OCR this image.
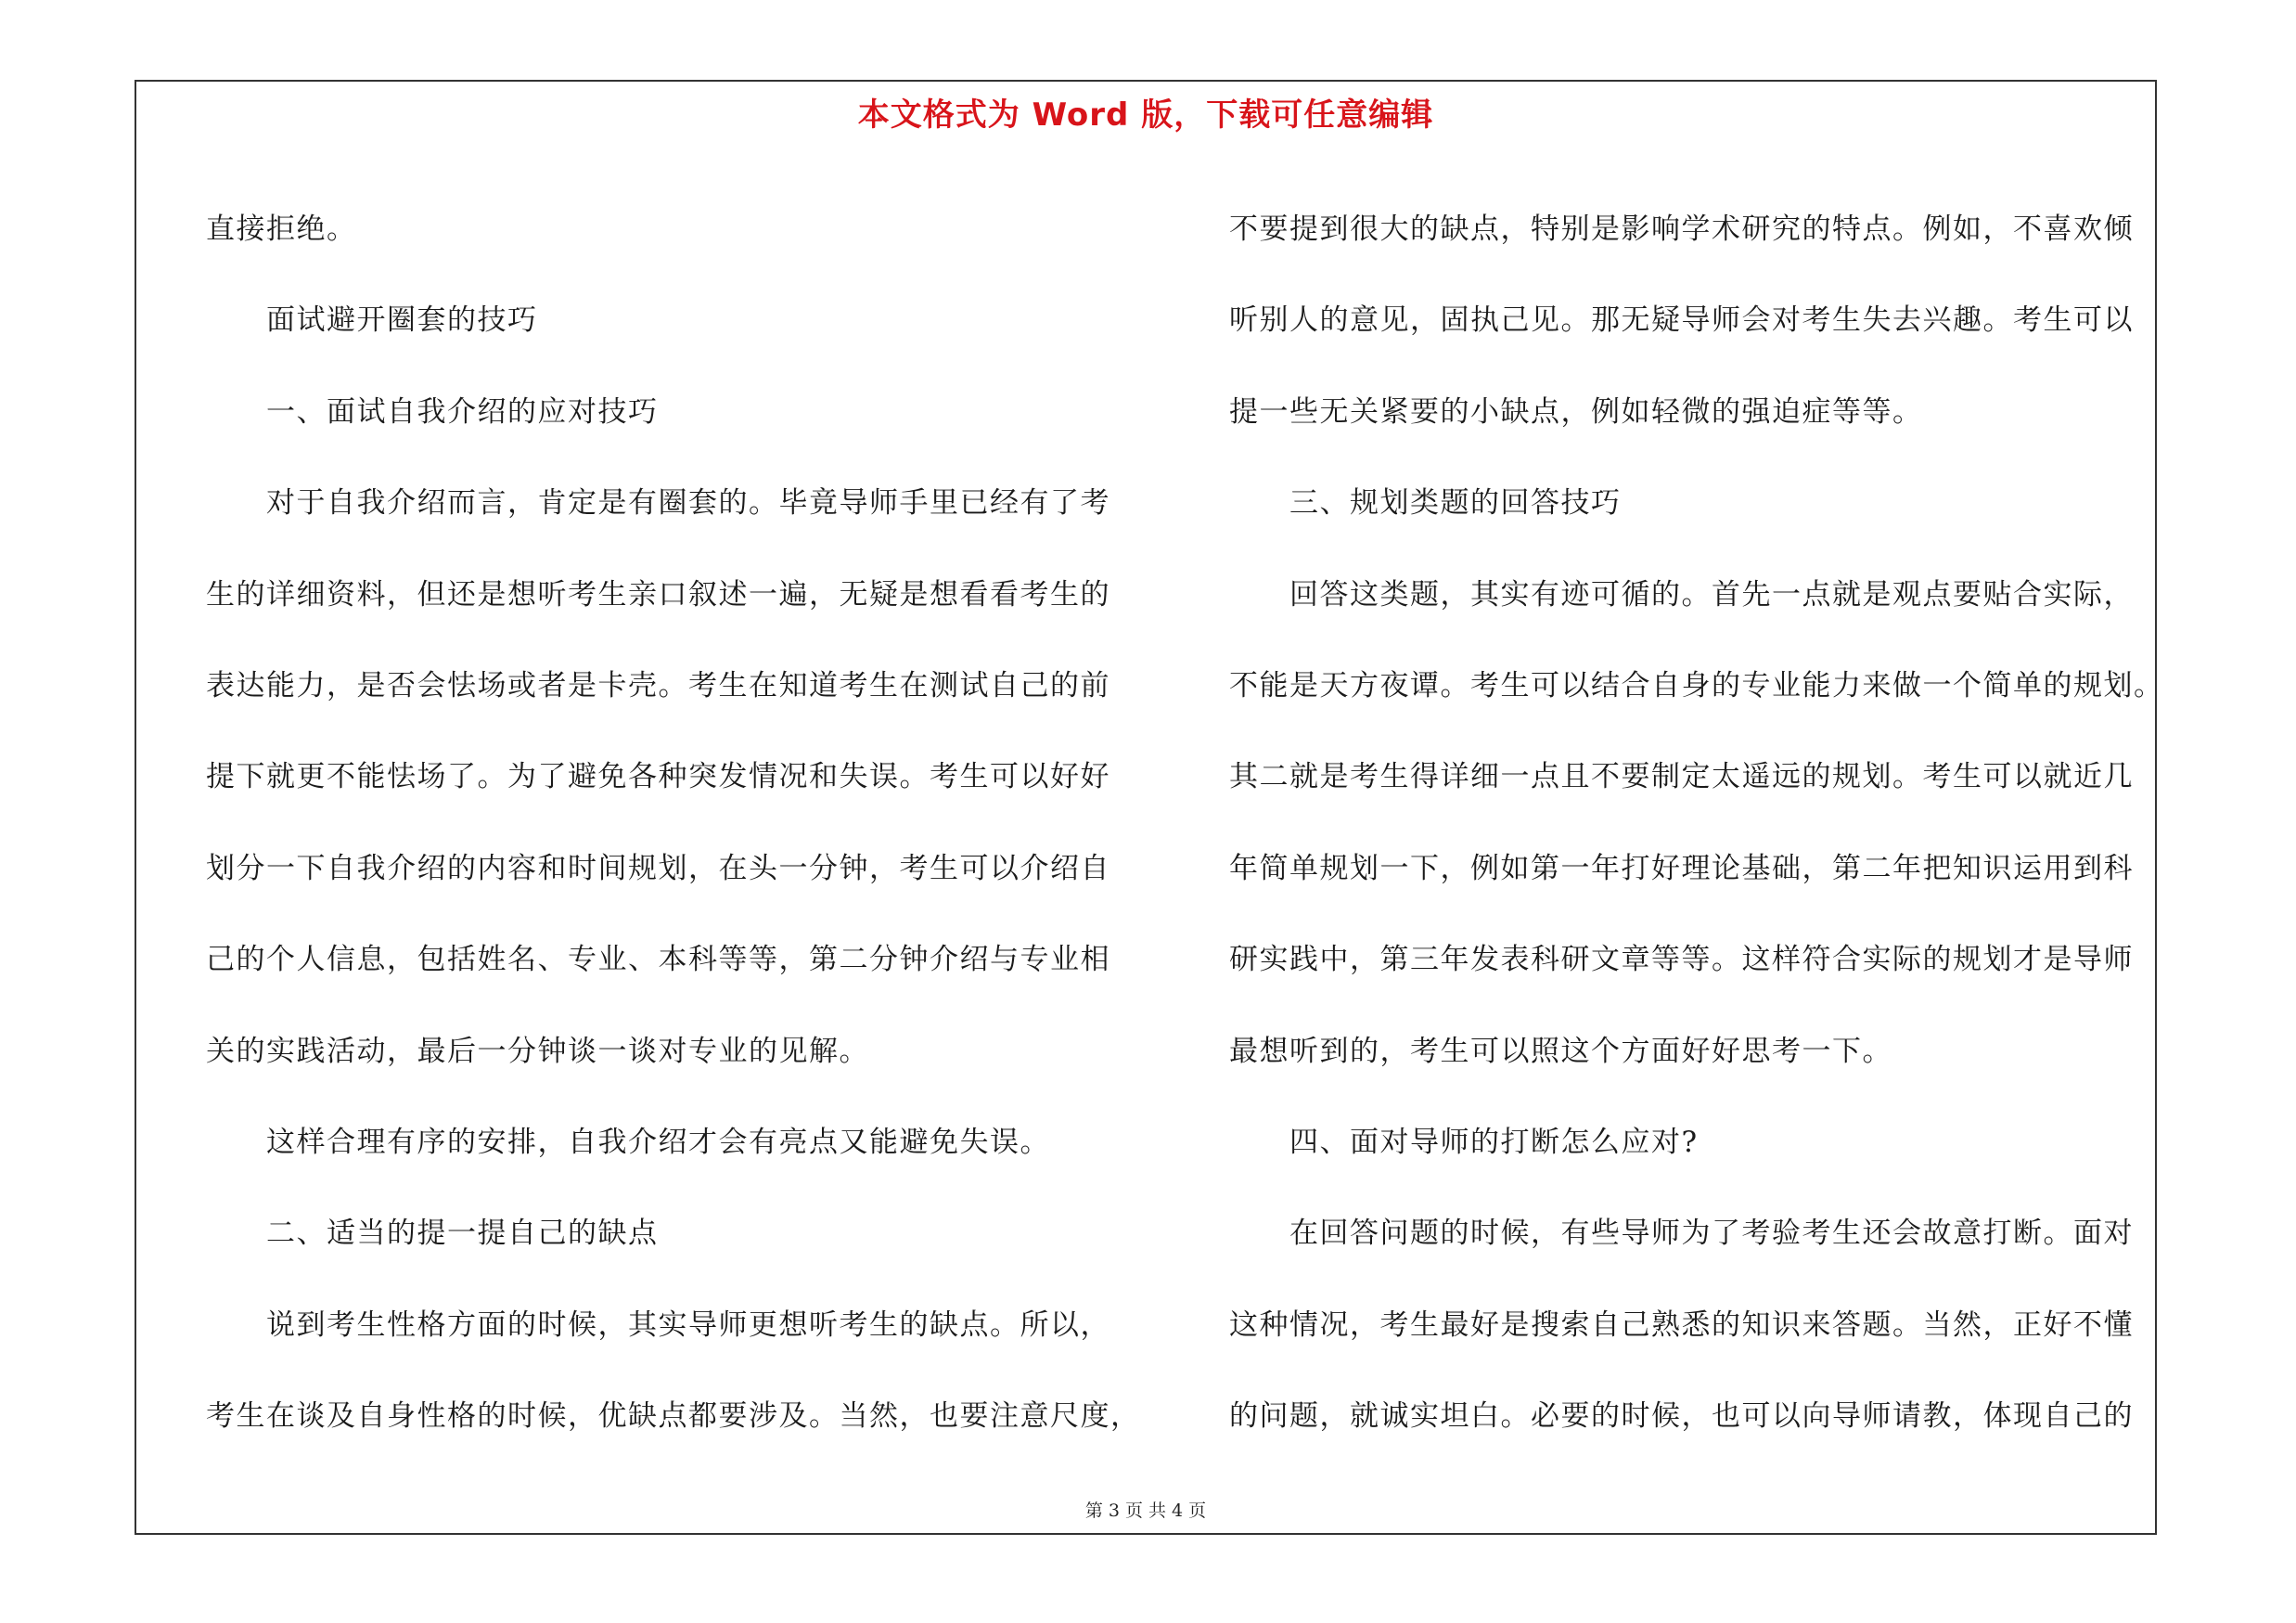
本文格式为 Word 版，下载可任意编辑

直接拒绝。

　　面试避开圈套的技巧

　　一、面试自我介绍的应对技巧

　　对于自我介绍而言，肯定是有圈套的。毕竟导师手里已经有了考

生的详细资料，但还是想听考生亲口叙述一遍，无疑是想看看考生的

表达能力，是否会怯场或者是卡壳。考生在知道考生在测试自己的前

提下就更不能怯场了。为了避免各种突发情况和失误。考生可以好好

划分一下自我介绍的内容和时间规划，在头一分钟，考生可以介绍自

己的个人信息，包括姓名、专业、本科等等，第二分钟介绍与专业相

关的实践活动，最后一分钟谈一谈对专业的见解。

　　这样合理有序的安排，自我介绍才会有亮点又能避免失误。

　　二、适当的提一提自己的缺点

　　说到考生性格方面的时候，其实导师更想听考生的缺点。所以，

考生在谈及自身性格的时候，优缺点都要涉及。当然，也要注意尺度，

不要提到很大的缺点，特别是影响学术研究的特点。例如，不喜欢倾

听别人的意见，固执己见。那无疑导师会对考生失去兴趣。考生可以

提一些无关紧要的小缺点，例如轻微的强迫症等等。

　　三、规划类题的回答技巧

　　回答这类题，其实有迹可循的。首先一点就是观点要贴合实际，

不能是天方夜谭。考生可以结合自身的专业能力来做一个简单的规划。

其二就是考生得详细一点且不要制定太遥远的规划。考生可以就近几

年简单规划一下，例如第一年打好理论基础，第二年把知识运用到科

研实践中，第三年发表科研文章等等。这样符合实际的规划才是导师

最想听到的，考生可以照这个方面好好思考一下。

　　四、面对导师的打断怎么应对?

　　在回答问题的时候，有些导师为了考验考生还会故意打断。面对

这种情况，考生最好是搜索自己熟悉的知识来答题。当然，正好不懂

的问题，就诚实坦白。必要的时候，也可以向导师请教，体现自己的

第 3 页 共 4 页
